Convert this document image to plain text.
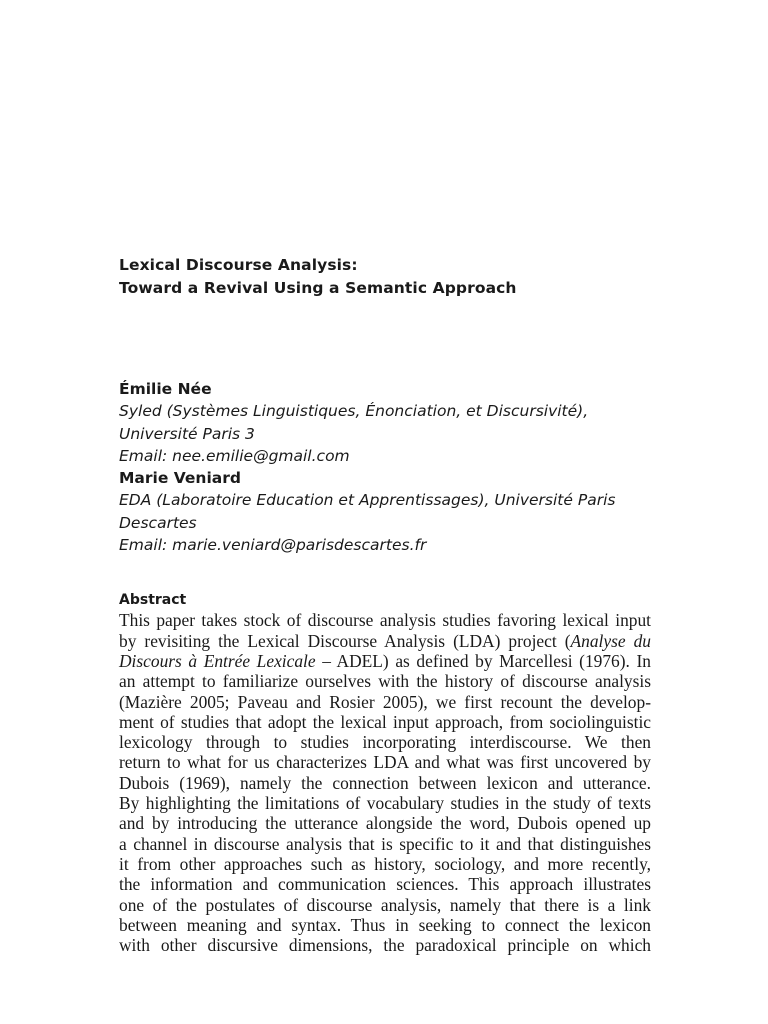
Lexical Discourse Analysis:
Toward a Revival Using a Semantic Approach
Émilie Née
Syled (Systèmes Linguistiques, Énonciation, et Discursivité),
Université Paris 3
Email: nee.emilie@gmail.com
Marie Veniard
EDA (Laboratoire Education et Apprentissages), Université Paris
Descartes
Email: marie.veniard@parisdescartes.fr
Abstract
This paper takes stock of discourse analysis studies favoring lexical input
by revisiting the Lexical Discourse Analysis (LDA) project (Analyse du
Discours à Entrée Lexicale – ADEL) as defined by Marcellesi (1976). In
an attempt to familiarize ourselves with the history of discourse analysis
(Mazière 2005; Paveau and Rosier 2005), we first recount the develop-
ment of studies that adopt the lexical input approach, from sociolinguistic
lexicology through to studies incorporating interdiscourse. We then
return to what for us characterizes LDA and what was first uncovered by
Dubois (1969), namely the connection between lexicon and utterance.
By highlighting the limitations of vocabulary studies in the study of texts
and by introducing the utterance alongside the word, Dubois opened up
a channel in discourse analysis that is specific to it and that distinguishes
it from other approaches such as history, sociology, and more recently,
the information and communication sciences. This approach illustrates
one of the postulates of discourse analysis, namely that there is a link
between meaning and syntax. Thus in seeking to connect the lexicon
with other discursive dimensions, the paradoxical principle on which
